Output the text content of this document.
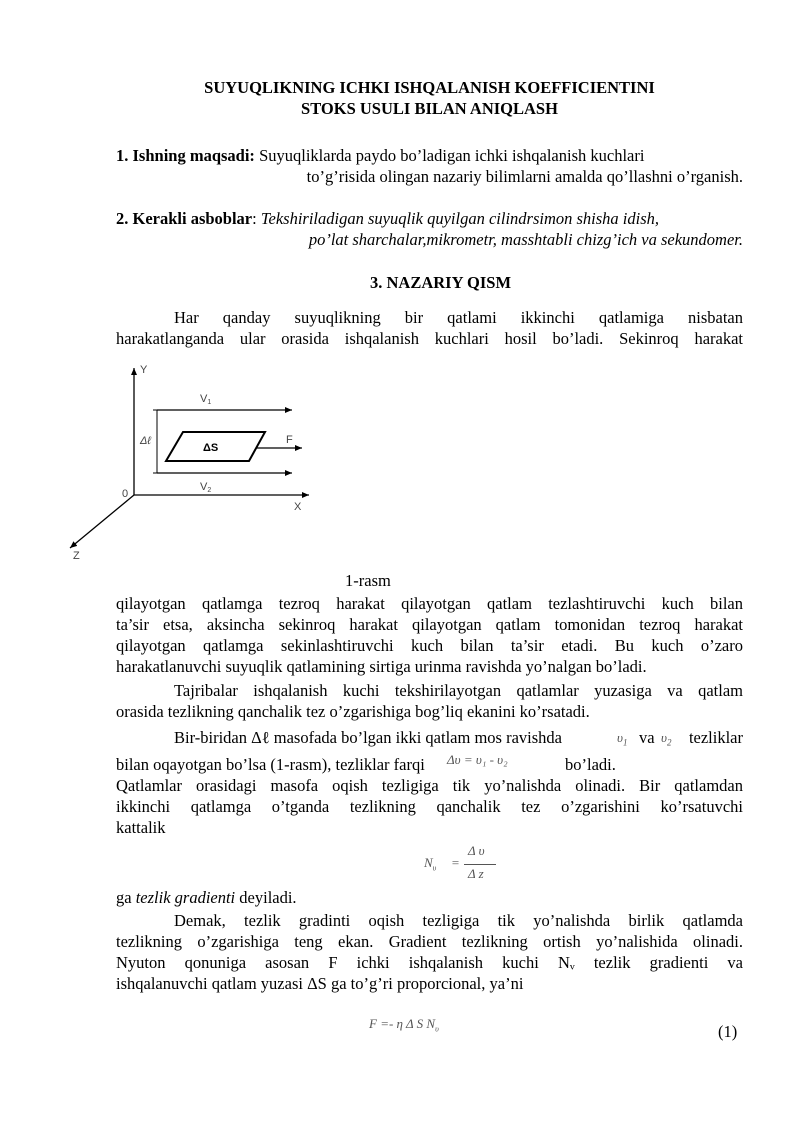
SUYUQLIKNING ICHKI ISHQALANISH KOEFFICIENTINI
STOKS USULI BILAN ANIQLASH
1. Ishning maqsadi: Suyuqliklarda paydo bo’ladigan ichki ishqalanish kuchlari
to’g’risida olingan nazariy bilimlarni amalda qo’llashni o’rganish.
2. Kerakli asboblar: Tekshiriladigan suyuqlik quyilgan cilindrsimon shisha idish,
po’lat sharchalar,mikrometr, masshtabli chizg’ich va sekundomer.
3. NAZARIY QISM
Har qanday suyuqlikning bir qatlami ikkinchi qatlamiga nisbatan
harakatlanganda ular orasida ishqalanish kuchlari hosil bo’ladi. Sekinroq harakat
Y
X
Z
0
Δℓ
V1
V2
ΔS
F
1-rasm
qilayotgan qatlamga tezroq harakat qilayotgan qatlam tezlashtiruvchi kuch bilan
ta’sir etsa, aksincha sekinroq harakat qilayotgan qatlam tomonidan tezroq harakat
qilayotgan qatlamga sekinlashtiruvchi kuch bilan ta’sir etadi. Bu kuch o’zaro
harakatlanuvchi suyuqlik qatlamining sirtiga urinma ravishda yo’nalgan bo’ladi.
Tajribalar ishqalanish kuchi tekshirilayotgan qatlamlar yuzasiga va qatlam
orasida tezlikning qanchalik tez o’zgarishiga bog’liq ekanini ko’rsatadi.
Bir-biridan Δℓ masofada bo’lgan ikki qatlam mos ravishda	$\upsilon_1$ va $\upsilon_2$ tezliklar
bilan oqayotgan bo’lsa (1-rasm), tezliklar farqi Δυ = υ₁ - υ₂	bo’ladi.
Qatlamlar orasidagi masofa oqish tezligiga tik yo’nalishda olinadi. Bir qatlamdan
ikkinchi qatlamga o’tganda tezlikning qanchalik tez o’zgarishini ko’rsatuvchi
kattalik
$N_\upsilon$ =
Δ υ
Δ z
ga tezlik gradienti deyiladi.
Demak, tezlik gradinti oqish tezligiga tik yo’nalishda birlik qatlamda
tezlikning o’zgarishiga teng ekan. Gradient tezlikning ortish yo’nalishida olinadi.
Nyuton qonuniga asosan F ichki ishqalanish kuchi Nᵥ tezlik gradienti va
ishqalanuvchi qatlam yuzasi ΔS ga to’g’ri proporcional, ya’ni
F =- η Δ S $N_\upsilon$	(1)
